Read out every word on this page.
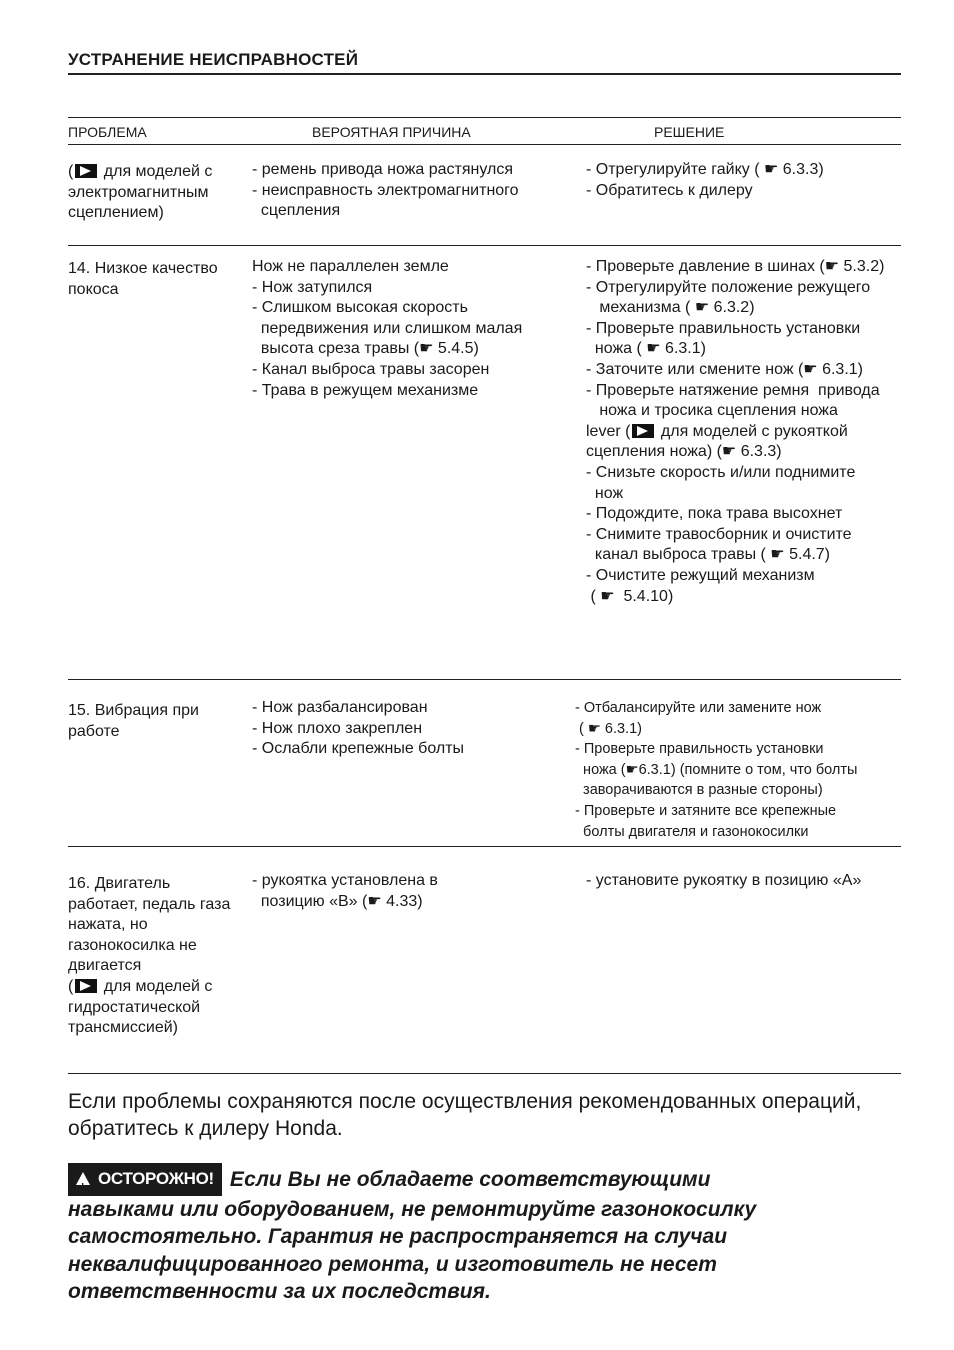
УСТРАНЕНИЕ НЕИСПРАВНОСТЕЙ
ПРОБЛЕМА	ВЕРОЯТНАЯ ПРИЧИНА	РЕШЕНИЕ
( для моделей с
электромагнитным
сцеплением)
- ремень привода ножа растянулся
- неисправность электромагнитного
сцепления
- Отрегулируйте гайку ( ☛ 6.3.3)
- Обратитесь к дилеру
14. Низкое качество
покоса
Нож не параллелен земле
- Нож затупился
- Слишком высокая скорость
передвижения или слишком малая
высота среза травы (☛ 5.4.5)
- Канал выброса травы засорен
- Трава в режущем механизме
- Проверьте давление в шинах (☛ 5.3.2)
- Отрегулируйте положение режущего
механизма ( ☛ 6.3.2)
- Проверьте правильность установки
ножа ( ☛ 6.3.1)
- Заточите или смените нож (☛ 6.3.1)
- Проверьте натяжение ремня  привода
ножа и тросика сцепления ножа
lever ( для моделей с рукояткой
сцепления ножа) (☛ 6.3.3)
- Снизьте скорость и/или поднимите
нож
- Подождите, пока трава высохнет
- Снимите травосборник и очистите
канал выброса травы ( ☛ 5.4.7)
- Очистите режущий механизм
( ☛  5.4.10)
15. Вибрация при
работе
- Нож разбалансирован
- Нож плохо закреплен
- Ослабли крепежные болты
- Отбалансируйте или замените нож
( ☛ 6.3.1)
- Проверьте правильность установки
ножа (☛6.3.1) (помните о том, что болты
заворачиваются в разные стороны)
- Проверьте и затяните все крепежные
болты двигателя и газонокосилки
16. Двигатель
работает, педаль газа
нажата, но
газонокосилка не
двигается
( для моделей с
гидростатической
трансмиссией)
- рукоятка установлена в
позицию «B» (☛ 4.33)
- установите рукоятку в позицию «A»
Если проблемы сохраняются после осуществления рекомендованных операций,
обратитесь к дилеру Honda.
!ОСТОРОЖНО! Если Вы не обладаете соответствующими
навыками или оборудованием, не ремонтируйте газонокосилку
самостоятельно. Гарантия не распространяется на случаи
неквалифицированного ремонта, и изготовитель не несет
ответственности за их последствия.
